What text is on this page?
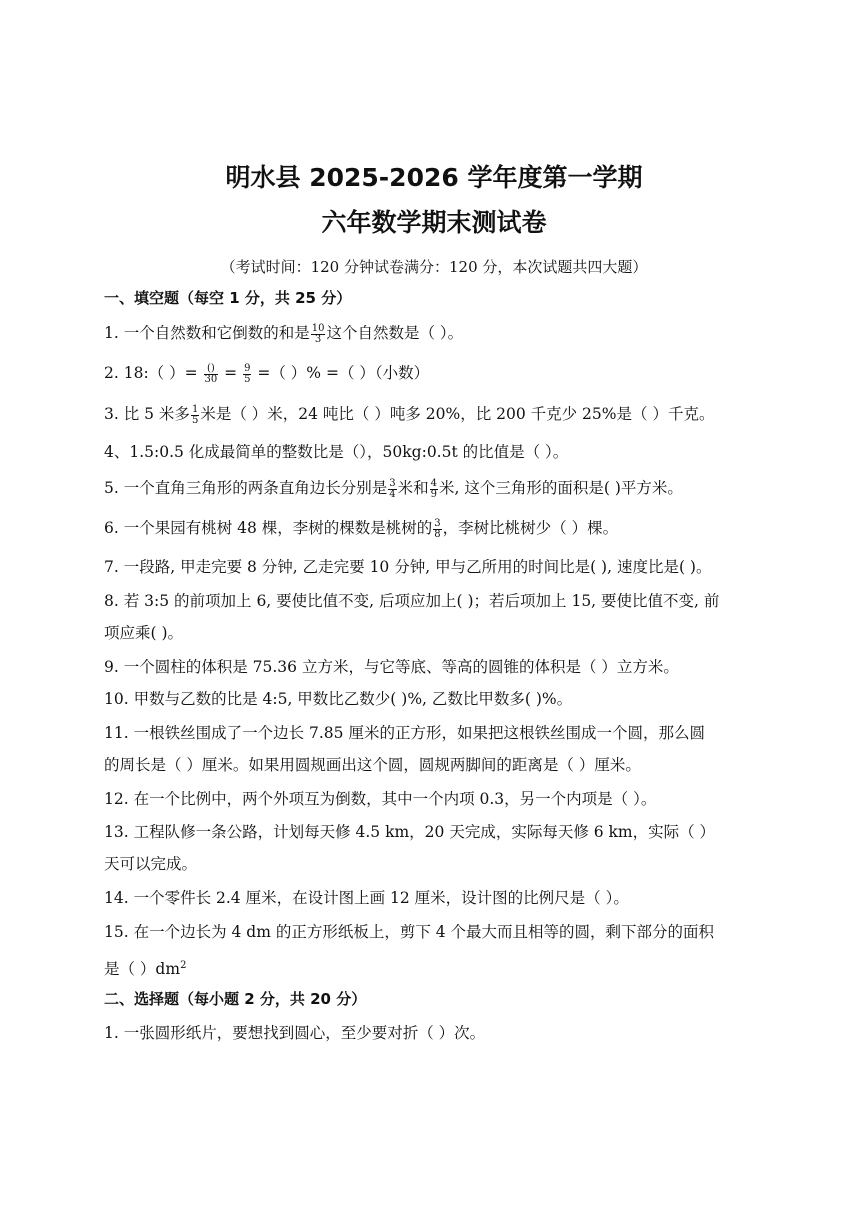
明水县 2025-2026 学年度第一学期
六年数学期末测试卷
（考试时间：120 分钟试卷满分：120 分，本次试题共四大题）
一、填空题（每空 1 分，共 25 分）
1. 一个自然数和它倒数的和是 $\frac{10}{3}$ 这个自然数是（ ）。
2. 18:（ ）= $\frac{()}{30} = \frac{9}{5}$ =（ ）% =（ ）（小数）
3. 比 5 米多 $\frac{1}{5}$ 米是（ ）米，24 吨比（ ）吨多 20%，比 200 千克少 25%是（ ）千克。
4、1.5:0.5 化成最简单的整数比是（），50kg:0.5t 的比值是（ ）。
5. 一个直角三角形的两条直角边长分别是 $\frac{3}{4}$ 米和 $\frac{4}{9}$ 米, 这个三角形的面积是( )平方米。
6. 一个果园有桃树 48 棵，李树的棵数是桃树的 $\frac{3}{8}$ ，李树比桃树少（ ）棵。
7. 一段路, 甲走完要 8 分钟, 乙走完要 10 分钟, 甲与乙所用的时间比是( ), 速度比是( )。
8. 若 3:5 的前项加上 6, 要使比值不变, 后项应加上( )；若后项加上 15, 要使比值不变, 前
项应乘( )。
9. 一个圆柱的体积是 75.36 立方米，与它等底、等高的圆锥的体积是（ ）立方米。
10. 甲数与乙数的比是 4:5, 甲数比乙数少( )%, 乙数比甲数多( )%。
11. 一根铁丝围成了一个边长 7.85 厘米的正方形，如果把这根铁丝围成一个圆，那么圆
的周长是（ ）厘米。如果用圆规画出这个圆，圆规两脚间的距离是（ ）厘米。
12. 在一个比例中，两个外项互为倒数，其中一个内项 0.3，另一个内项是（ ）。
13. 工程队修一条公路，计划每天修 4.5 km，20 天完成，实际每天修 6 km，实际（ ）
天可以完成。
14. 一个零件长 2.4 厘米，在设计图上画 12 厘米，设计图的比例尺是（ ）。
15. 在一个边长为 4 dm 的正方形纸板上，剪下 4 个最大而且相等的圆，剩下部分的面积
是（ ）$dm^2$
二、选择题（每小题 2 分，共 20 分）
1. 一张圆形纸片，要想找到圆心，至少要对折（ ）次。
